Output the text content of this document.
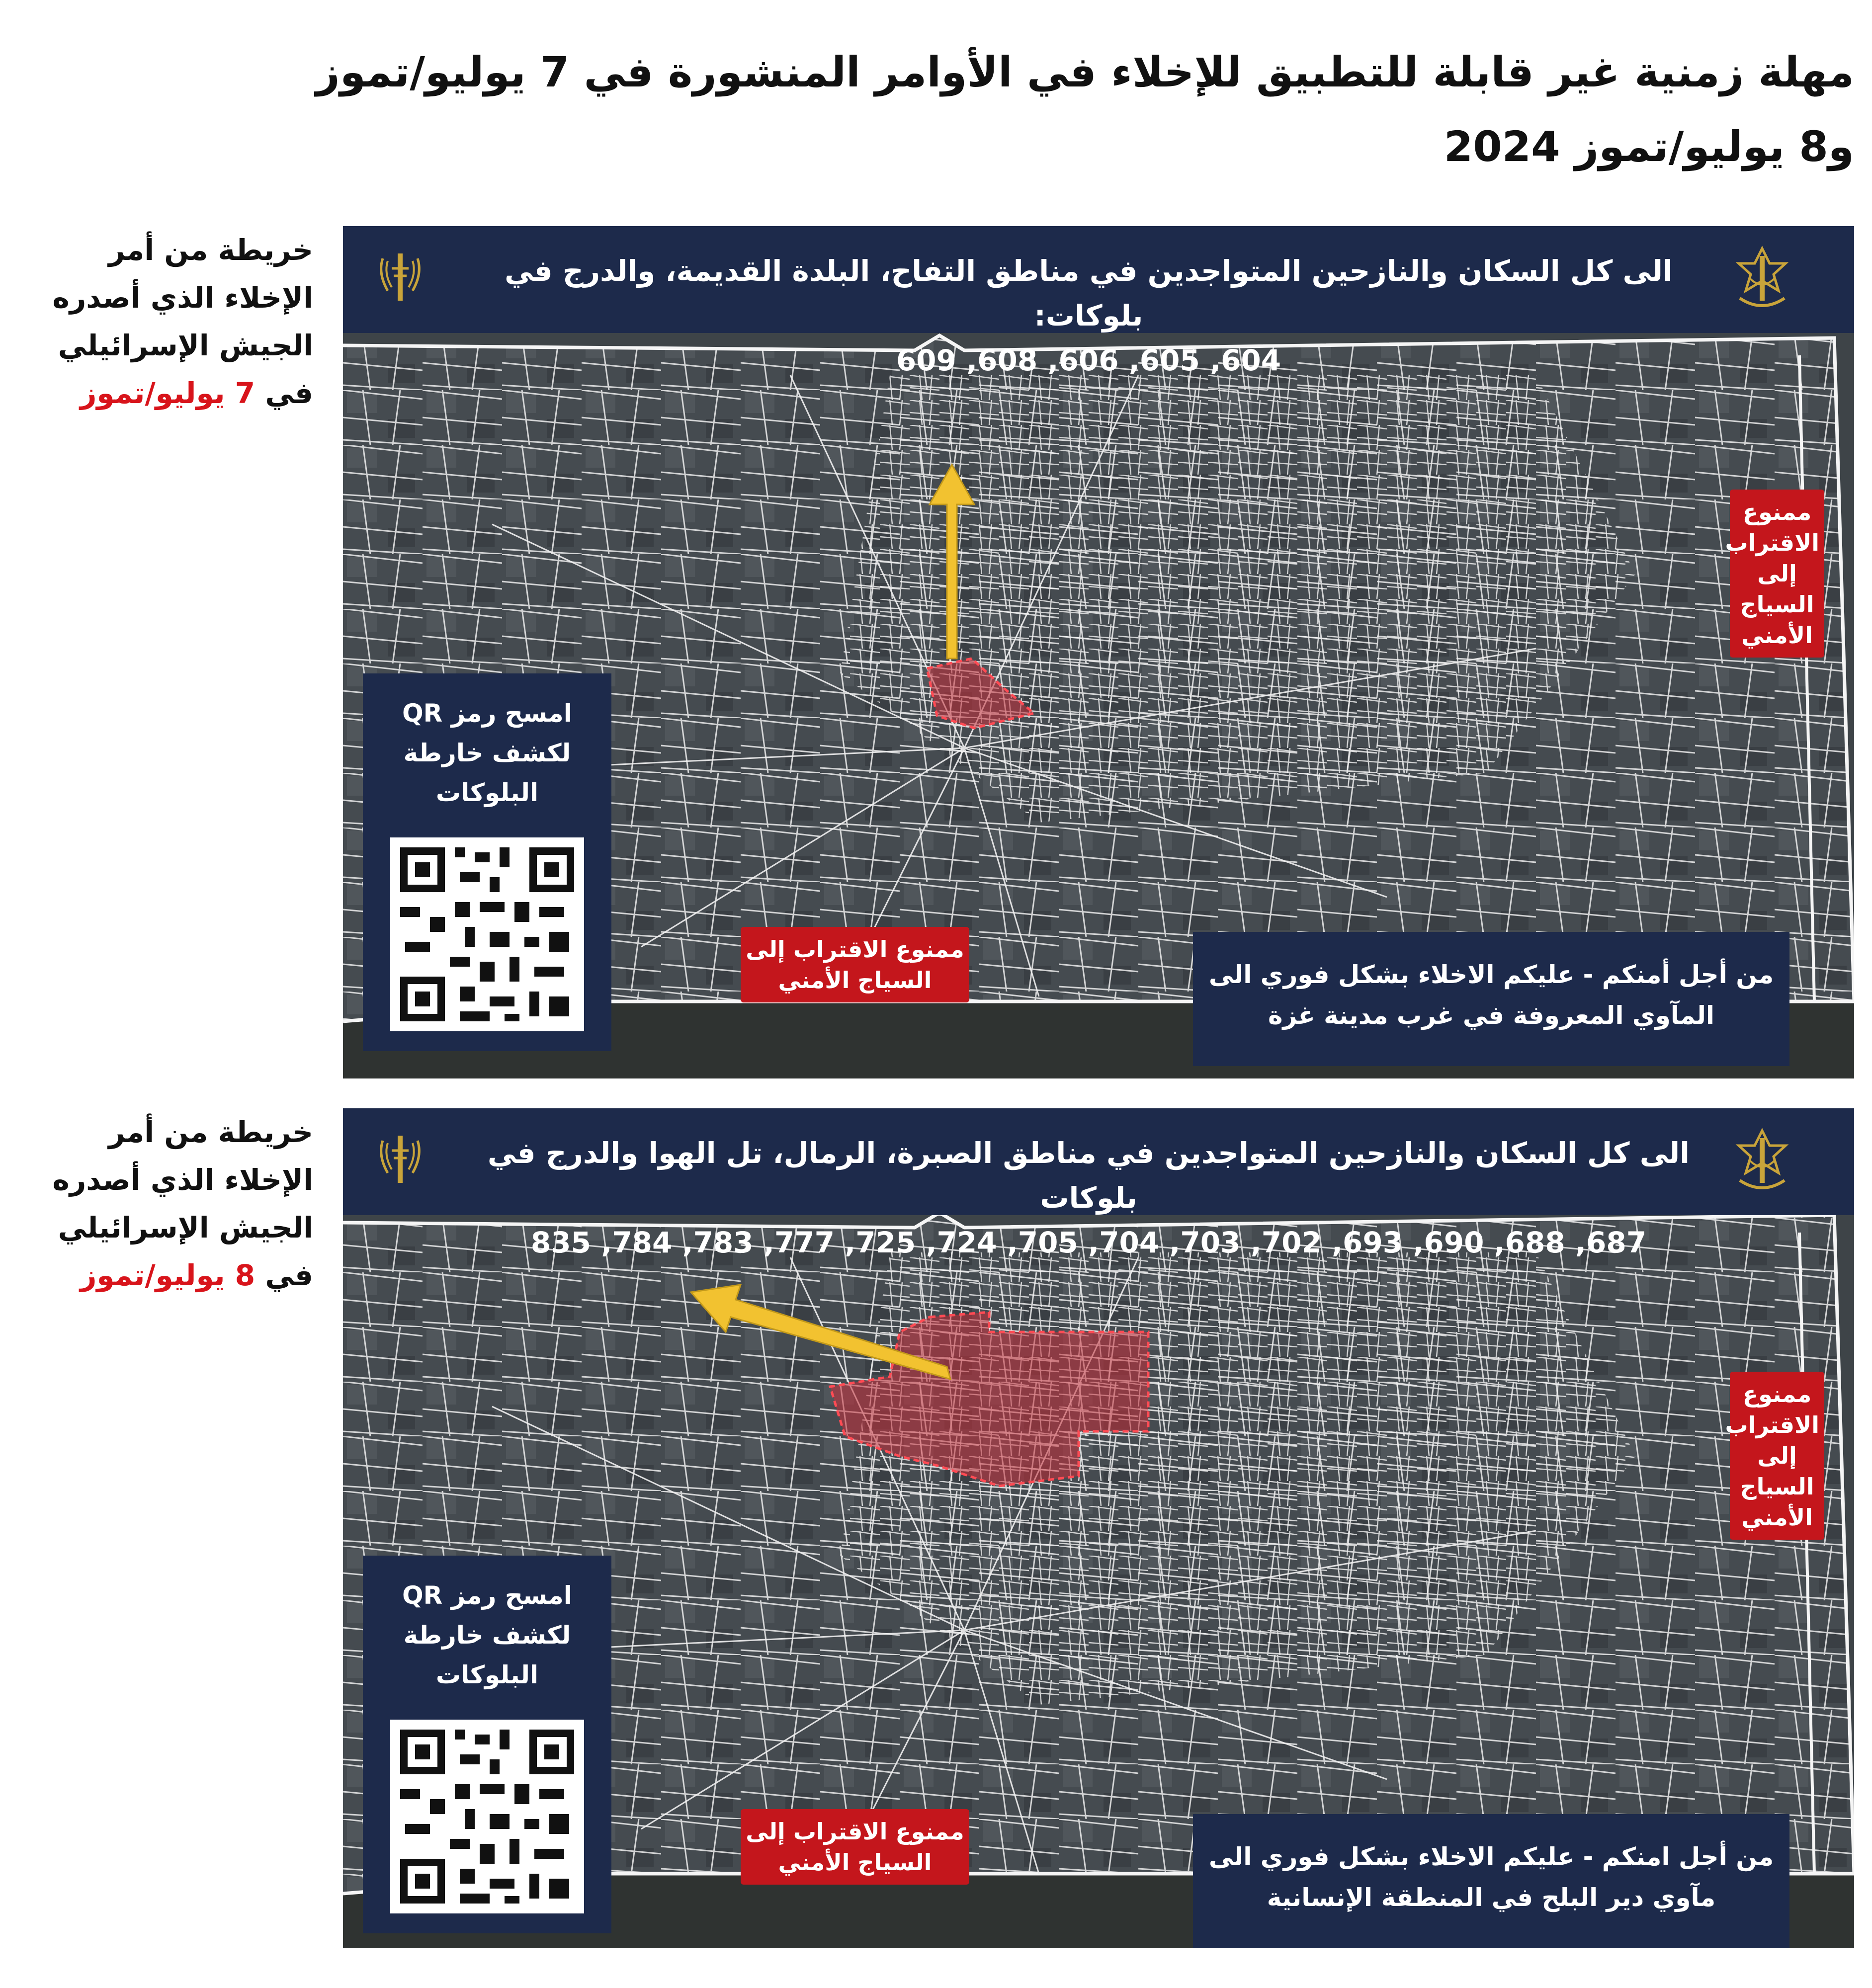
مهلة زمنية غير قابلة للتطبيق للإخلاء في الأوامر المنشورة في 7 يوليو/تموز و8 يوليو/تموز 2024
خريطة من أمر الإخلاء الذي أصدره الجيش الإسرائيلي في 7 يوليو/تموز
خريطة من أمر الإخلاء الذي أصدره الجيش الإسرائيلي في 8 يوليو/تموز
الى كل السكان والنازحين المتواجدين في مناطق التفاح، البلدة القديمة، والدرج في بلوكات:
604, 605, 606, 608, 609
ممنوع الاقتراب إلى السياج الأمني
ممنوع الاقتراب إلى السياج الأمني
امسح رمز QR لكشف خارطة البلوكات
من أجل أمنكم - عليكم الاخلاء بشكل فوري الى المآوي المعروفة في غرب مدينة غزة
الى كل السكان والنازحين المتواجدين في مناطق الصبرة، الرمال، تل الهوا والدرج في بلوكات
687, 688, 690, 693, 702, 703, 704, 705, 724, 725, 777, 783, 784, 835
ممنوع الاقتراب إلى السياج الأمني
ممنوع الاقتراب إلى السياج الأمني
امسح رمز QR لكشف خارطة البلوكات
من أجل امنكم - عليكم الاخلاء بشكل فوري الى مآوي دير البلح في المنطقة الإنسانية
